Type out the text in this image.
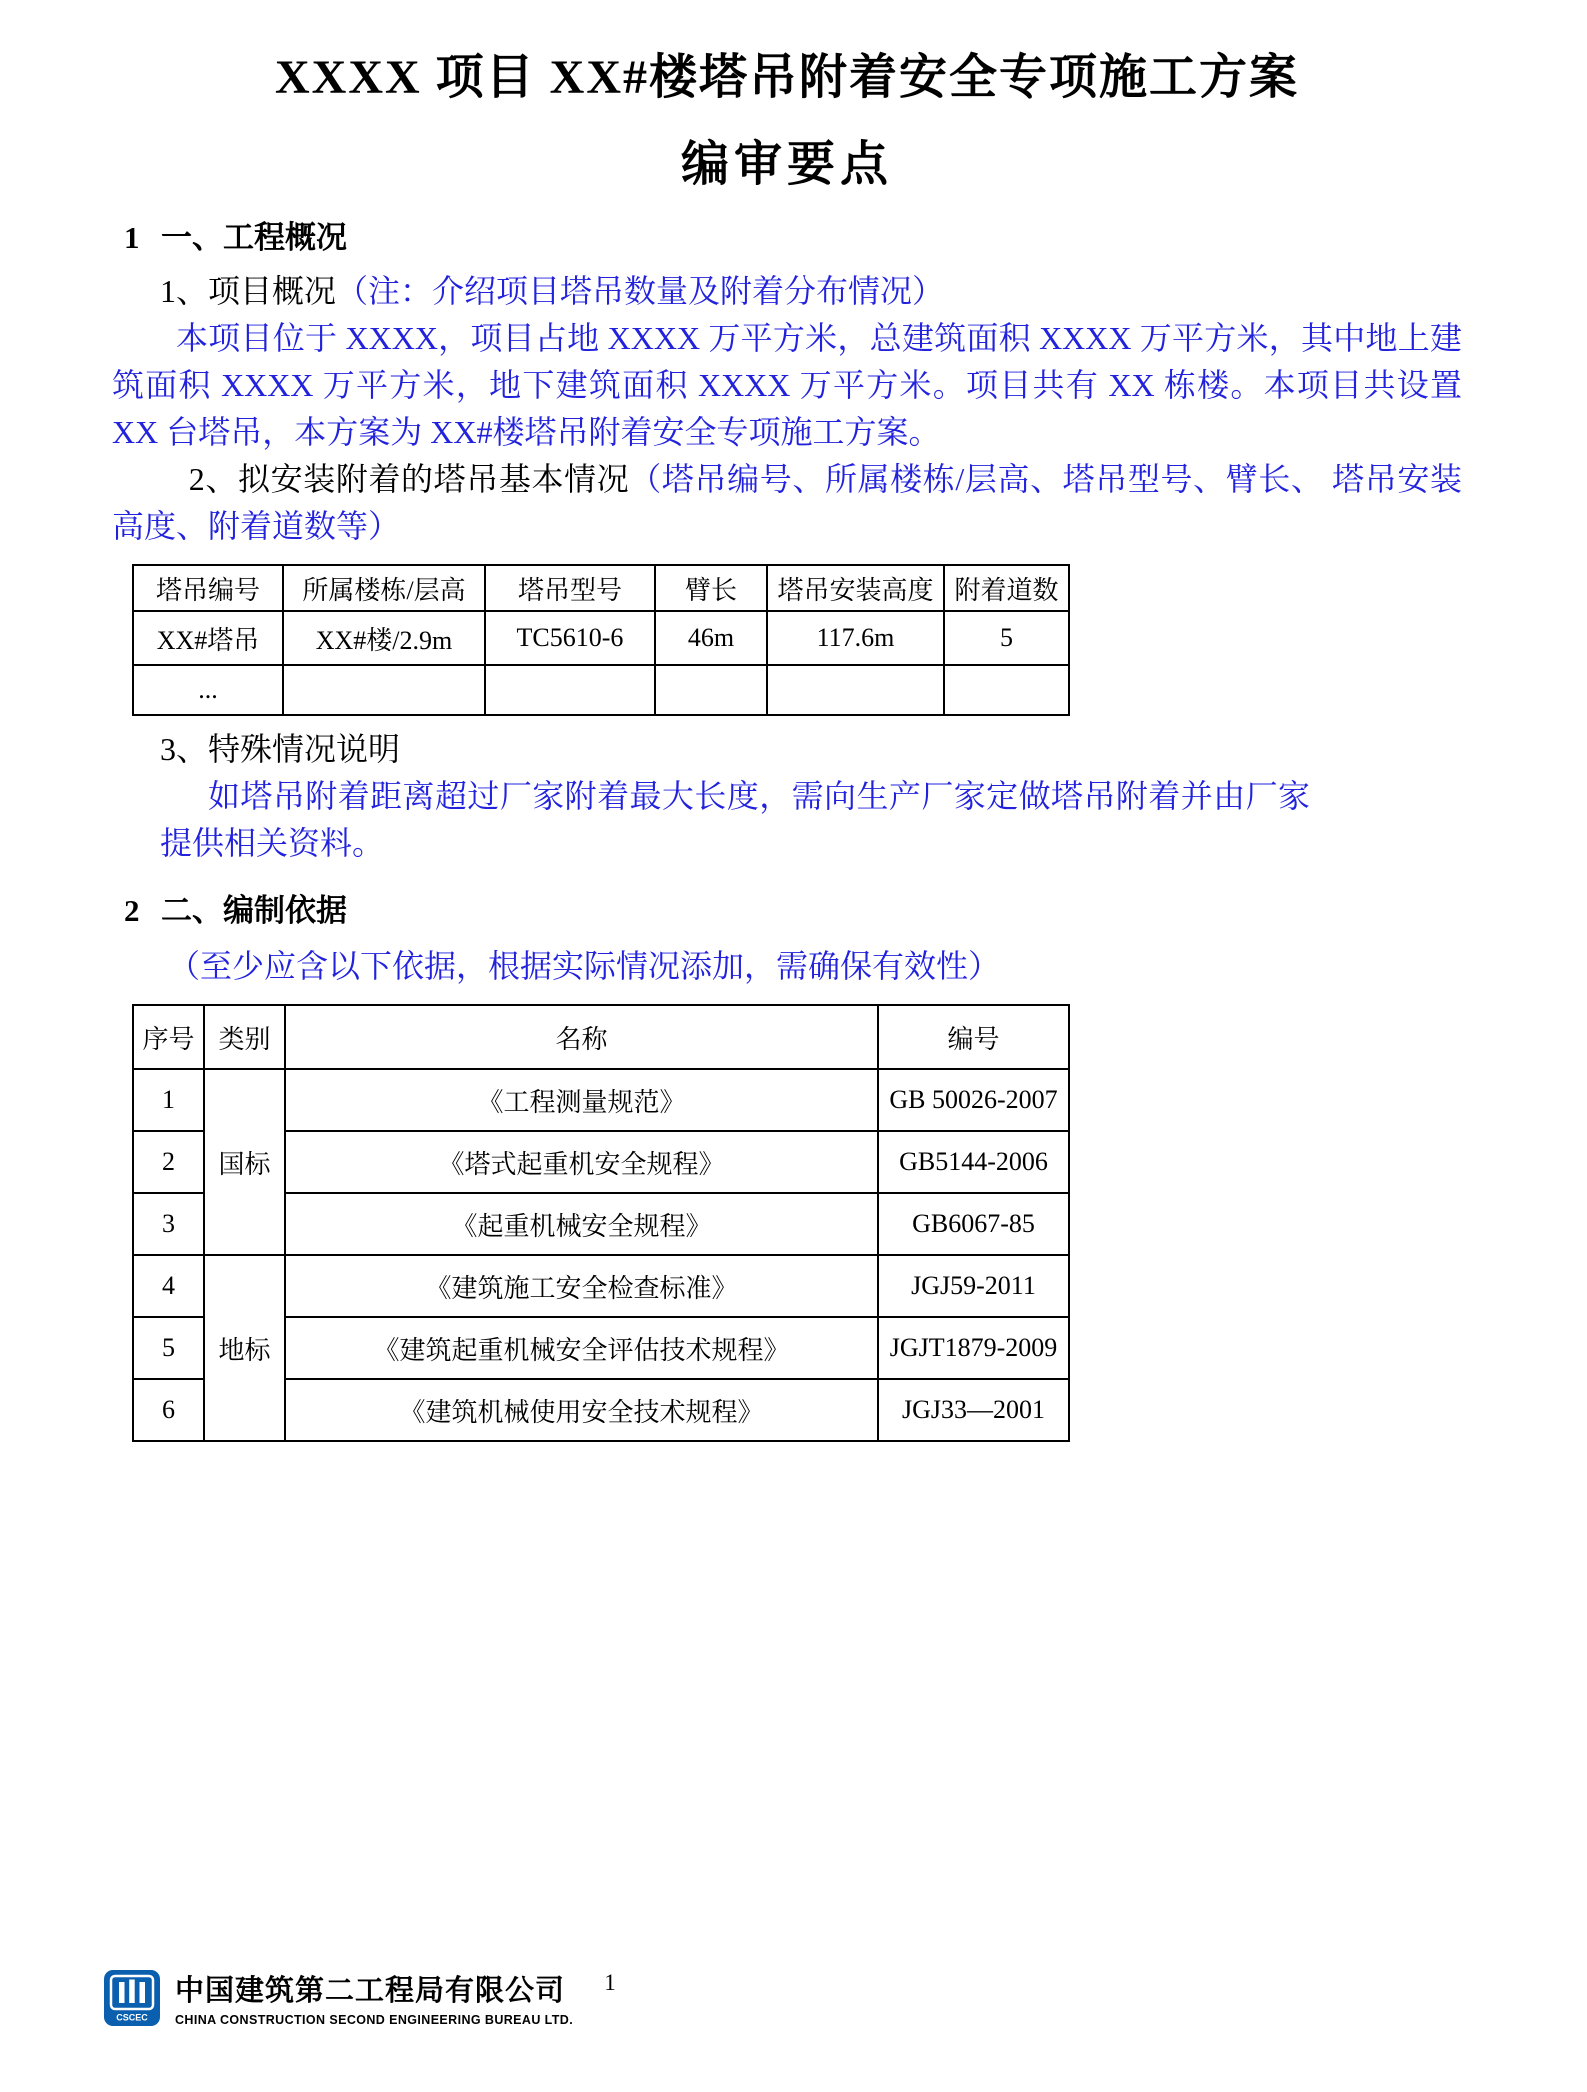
XXXX 项目 XX#楼塔吊附着安全专项施工方案
编审要点
1 一、工程概况

1、项目概况（注：介绍项目塔吊数量及附着分布情况）

本项目位于 XXXX，项目占地 XXXX 万平方米，总建筑面积 XXXX 万平方米，其中地上建筑面积 XXXX 万平方米，地下建筑面积 XXXX 万平方米。项目共有 XX 栋楼。本项目共设置 XX 台塔吊，本方案为 XX#楼塔吊附着安全专项施工方案。

2、拟安装附着的塔吊基本情况（塔吊编号、所属楼栋/层高、塔吊型号、臂长、 塔吊安装高度、附着道数等）

塔吊编号	所属楼栋/层高	塔吊型号	臂长	塔吊安装高度	附着道数
XX#塔吊	XX#楼/2.9m	TC5610-6	46m	117.6m	5
...					

3、特殊情况说明

如塔吊附着距离超过厂家附着最大长度，需向生产厂家定做塔吊附着并由厂家提供相关资料。

2 二、编制依据

（至少应含以下依据，根据实际情况添加，需确保有效性）

序号	类别	名称	编号
1	国标	《工程测量规范》	GB 50026-2007
2		《塔式起重机安全规程》	GB5144-2006
3		《起重机械安全规程》	GB6067-85
4	地标	《建筑施工安全检查标准》	JGJ59-2011
5		《建筑起重机械安全评估技术规程》	JGJT1879-2009
6		《建筑机械使用安全技术规程》	JGJ33—2001
CSCEC
中国建筑第二工程局有限公司
CHINA CONSTRUCTION SECOND ENGINEERING BUREAU LTD.
1
